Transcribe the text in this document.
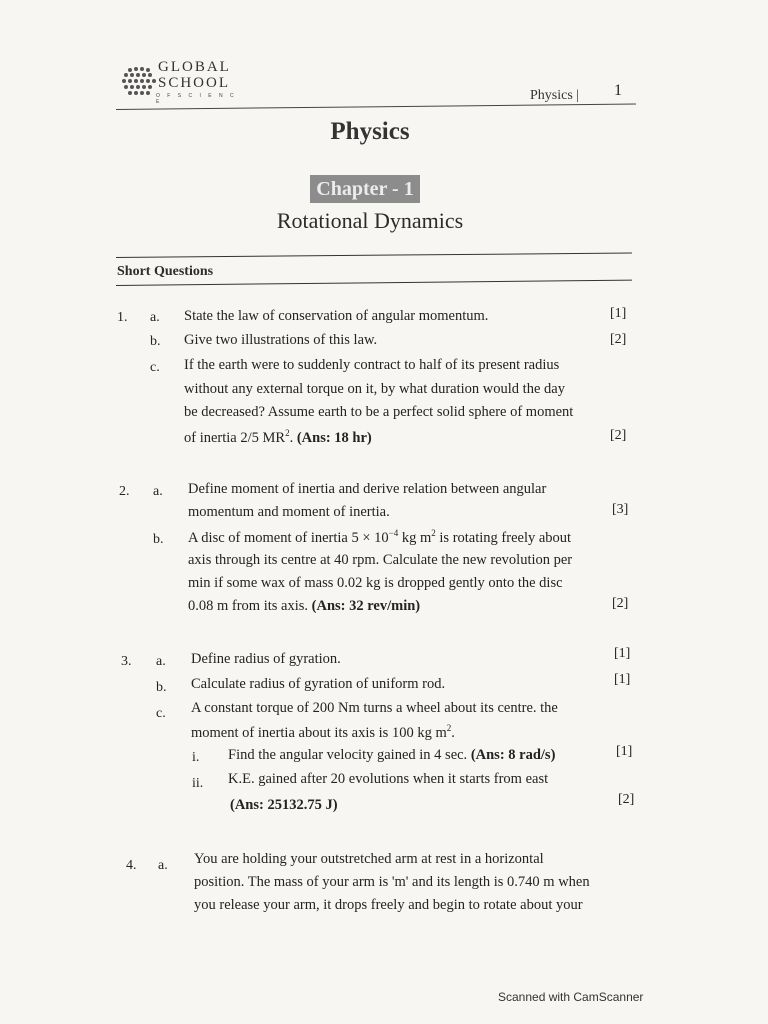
GLOBAL
SCHOOL
O F S C I E N C E	Physics | 1
Physics
Chapter - 1
Rotational Dynamics
Short Questions
1. a. State the law of conservation of angular momentum.	[1]
b. Give two illustrations of this law.	[2]
c. If the earth were to suddenly contract to half of its present radius
without any external torque on it, by what duration would the day
be decreased? Assume earth to be a perfect solid sphere of moment
of inertia 2/5 $MR^2$. (Ans: 18 hr)	[2]
2. a. Define moment of inertia and derive relation between angular
momentum and moment of inertia.	[3]
b. A disc of moment of inertia $5 \times 10^{-4}$ kg $m^2$ is rotating freely about
axis through its centre at 40 rpm. Calculate the new revolution per
min if some wax of mass 0.02 kg is dropped gently onto the disc
0.08 m from its axis. (Ans: 32 rev/min)	[2]
3. a. Define radius of gyration.	[1]
b. Calculate radius of gyration of uniform rod.	[1]
c. A constant torque of 200 Nm turns a wheel about its centre. the
moment of inertia about its axis is 100 kg $m^2$.
i. Find the angular velocity gained in 4 sec. (Ans: 8 rad/s)	[1]
ii. K.E. gained after 20 evolutions when it starts from east
(Ans: 25132.75 J)	[2]
4. a. You are holding your outstretched arm at rest in a horizontal
position. The mass of your arm is 'm' and its length is 0.740 m when
you release your arm, it drops freely and begin to rotate about your
Scanned with CamScanner
